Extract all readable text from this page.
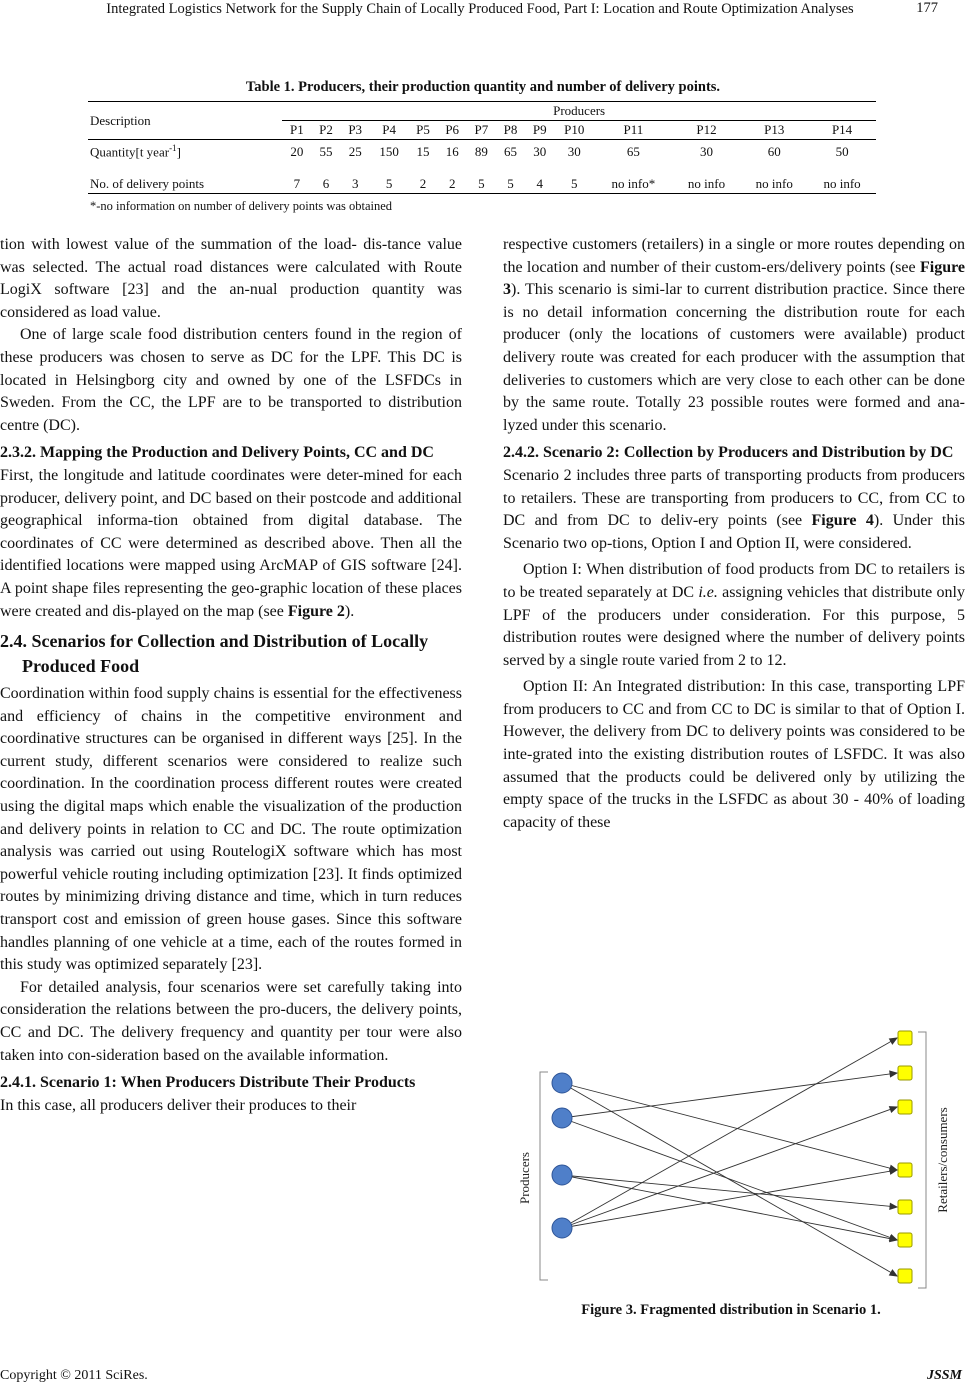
Integrated Logistics Network for the Supply Chain of Locally Produced Food, Part I: Location and Route Optimization Analyses	177
Table 1. Producers, their production quantity and number of delivery points.
Description	Producers													
	P1	P2	P3	P4	P5	P6	P7	P8	P9	P10	P11	P12	P13	P14
Quantity[t year$^{-1}$]	20	55	25	150	15	16	89	65	30	30	65	30	60	50
No. of delivery points	7	6	3	5	2	2	5	5	4	5	no info*	no info	no info	no info
*-no information on number of delivery points was obtained

tion with lowest value of the summation of the load- dis-tance value was selected. The actual road distances were calculated with Route LogiX software [23] and the an-nual production quantity was considered as load value.

One of large scale food distribution centers found in the region of these producers was chosen to serve as DC for the LPF. This DC is located in Helsingborg city and owned by one of the LSFDCs in Sweden. From the CC, the LPF are to be transported to distribution centre (DC).

2.3.2. Mapping the Production and Delivery Points, CC and DC

First, the longitude and latitude coordinates were deter-mined for each producer, delivery point, and DC based on their postcode and additional geographical informa-tion obtained from digital database. The coordinates of CC were determined as described above. Then all the identified locations were mapped using ArcMAP of GIS software [24]. A point shape files representing the geo-graphic location of these places were created and dis-played on the map (see Figure 2).

2.4. Scenarios for Collection and Distribution of Locally Produced Food

Coordination within food supply chains is essential for the effectiveness and efficiency of chains in the competitive environment and coordinative structures can be organised in different ways [25]. In the current study, different scenarios were considered to realize such coordination. In the coordination process different routes were created using the digital maps which enable the visualization of the production and delivery points in relation to CC and DC. The route optimization analysis was carried out using RoutelogiX software which has most powerful vehicle routing including optimization [23]. It finds optimized routes by minimizing driving distance and time, which in turn reduces transport cost and emission of green house gases. Since this software handles planning of one vehicle at a time, each of the routes formed in this study was optimized separately [23].

For detailed analysis, four scenarios were set carefully taking into consideration the relations between the pro-ducers, the delivery points, CC and DC. The delivery frequency and quantity per tour were also taken into con-sideration based on the available information.

2.4.1. Scenario 1: When Producers Distribute Their Products

In this case, all producers deliver their produces to their

respective customers (retailers) in a single or more routes depending on the location and number of their custom-ers/delivery points (see Figure 3). This scenario is simi-lar to current distribution practice. Since there is no detail information concerning the distribution route for each producer (only the locations of customers were available) product delivery route was created for each producer with the assumption that deliveries to customers which are very close to each other can be done by the same route. Totally 23 possible routes were formed and ana-lyzed under this scenario.

2.4.2. Scenario 2: Collection by Producers and Distribution by DC

Scenario 2 includes three parts of transporting products from producers to retailers. These are transporting from producers to CC, from CC to DC and from DC to deliv-ery points (see Figure 4). Under this Scenario two op-tions, Option I and Option II, were considered.

Option I: When distribution of food products from DC to retailers is to be treated separately at DC i.e. assigning vehicles that distribute only LPF of the producers under consideration. For this purpose, 5 distribution routes were designed where the number of delivery points served by a single route varied from 2 to 12.

Option II: An Integrated distribution: In this case, transporting LPF from producers to CC and from CC to DC is similar to that of Option I. However, the delivery from DC to delivery points was considered to be inte-grated into the existing distribution routes of LSFDC. It was also assumed that the products could be delivered only by utilizing the empty space of the trucks in the LSFDC as about 30 - 40% of loading capacity of these

Producers	Retailers/consumers
Figure 3. Fragmented distribution in Scenario 1.
Copyright © 2011 SciRes.	JSSM
